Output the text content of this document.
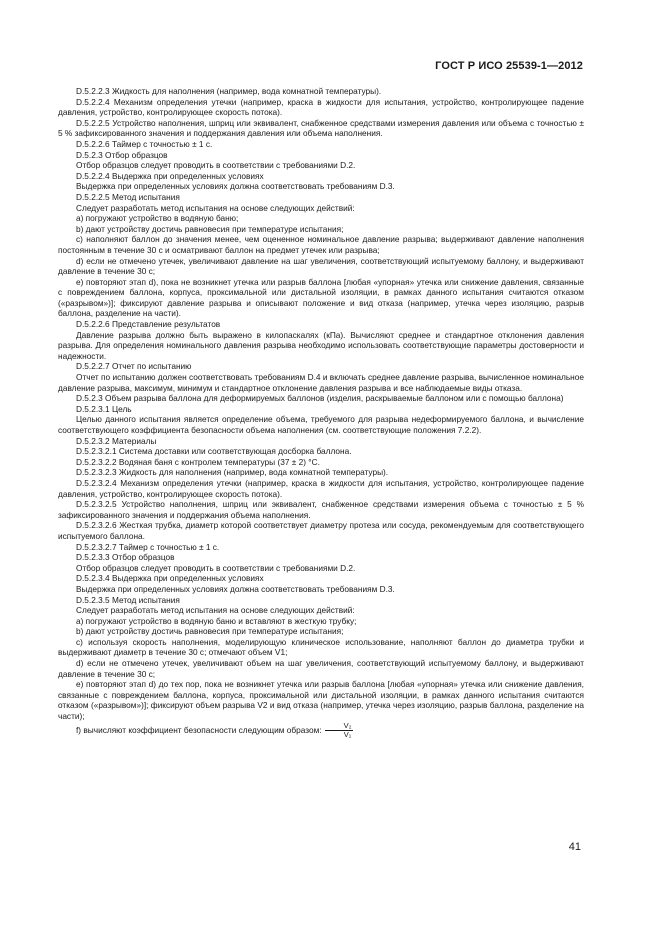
ГОСТ Р ИСО 25539-1—2012

D.5.2.2.3 Жидкость для наполнения (например, вода комнатной температуры).

D.5.2.2.4 Механизм определения утечки (например, краска в жидкости для испытания, устройство, контролирующее падение давления, устройство, контролирующее скорость потока).

D.5.2.2.5 Устройство наполнения, шприц или эквивалент, снабженное средствами измерения давления или объема с точностью ± 5 % зафиксированного значения и поддержания давления или объема наполнения.

D.5.2.2.6 Таймер с точностью ± 1 с.

D.5.2.3 Отбор образцов

Отбор образцов следует проводить в соответствии с требованиями D.2.

D.5.2.2.4 Выдержка при определенных условиях

Выдержка при определенных условиях должна соответствовать требованиям D.3.

D.5.2.2.5 Метод испытания

Следует разработать метод испытания на основе следующих действий:

a) погружают устройство в водяную баню;

b) дают устройству достичь равновесия при температуре испытания;

c) наполняют баллон до значения менее, чем оцененное номинальное давление разрыва; выдерживают давление наполнения постоянным в течение 30 с и осматривают баллон на предмет утечек или разрыва;

d) если не отмечено утечек, увеличивают давление на шаг увеличения, соответствующий испытуемому баллону, и выдерживают давление в течение 30 с;

e) повторяют этап d), пока не возникнет утечка или разрыв баллона [любая «упорная» утечка или снижение давления, связанные с повреждением баллона, корпуса, проксимальной или дистальной изоляции, в рамках данного испытания считаются отказом («разрывом»)]; фиксируют давление разрыва и описывают положение и вид отказа (например, утечка через изоляцию, разрыв баллона, разделение на части).

D.5.2.2.6 Представление результатов

Давление разрыва должно быть выражено в килопаскалях (кПа). Вычисляют среднее и стандартное отклонения давления разрыва. Для определения номинального давления разрыва необходимо использовать соответствующие параметры достоверности и надежности.

D.5.2.2.7 Отчет по испытанию

Отчет по испытанию должен соответствовать требованиям D.4 и включать среднее давление разрыва, вычисленное номинальное давление разрыва, максимум, минимум и стандартное отклонение давления разрыва и все наблюдаемые виды отказа.

D.5.2.3 Объем разрыва баллона для деформируемых баллонов (изделия, раскрываемые баллоном или с помощью баллона)

D.5.2.3.1 Цель

Целью данного испытания является определение объема, требуемого для разрыва недеформируемого баллона, и вычисление соответствующего коэффициента безопасности объема наполнения (см. соответствующие положения 7.2.2).

D.5.2.3.2 Материалы

D.5.2.3.2.1 Система доставки или соответствующая досборка баллона.

D.5.2.3.2.2 Водяная баня с контролем температуры (37 ± 2) °С.

D.5.2.3.2.3 Жидкость для наполнения (например, вода комнатной температуры).

D.5.2.3.2.4 Механизм определения утечки (например, краска в жидкости для испытания, устройство, контролирующее падение давления, устройство, контролирующее скорость потока).

D.5.2.3.2.5 Устройство наполнения, шприц или эквивалент, снабженное средствами измерения объема с точностью ± 5 % зафиксированного значения и поддержания объема наполнения.

D.5.2.3.2.6 Жесткая трубка, диаметр которой соответствует диаметру протеза или сосуда, рекомендуемым для соответствующего испытуемого баллона.

D.5.2.3.2.7 Таймер с точностью ± 1 с.

D.5.2.3.3 Отбор образцов

Отбор образцов следует проводить в соответствии с требованиями D.2.

D.5.2.3.4 Выдержка при определенных условиях

Выдержка при определенных условиях должна соответствовать требованиям D.3.

D.5.2.3.5 Метод испытания

Следует разработать метод испытания на основе следующих действий:

a) погружают устройство в водяную баню и вставляют в жесткую трубку;

b) дают устройству достичь равновесия при температуре испытания;

c) используя скорость наполнения, моделирующую клиническое использование, наполняют баллон до диаметра трубки и выдерживают диаметр в течение 30 с; отмечают объем V1;

d) если не отмечено утечек, увеличивают объем на шаг увеличения, соответствующий испытуемому баллону, и выдерживают давление в течение 30 с;

e) повторяют этап d) до тех пор, пока не возникнет утечка или разрыв баллона [любая «упорная» утечка или снижение давления, связанные с повреждением баллона, корпуса, проксимальной или дистальной изоляции, в рамках данного испытания считаются отказом («разрывом»)]; фиксируют объем разрыва V2 и вид отказа (например, утечка через изоляцию, разрыв баллона, разделение на части);

f) вычисляют коэффициент безопасности следующим образом: $\frac{\text{V₂}}{\text{V₁}}$

41
